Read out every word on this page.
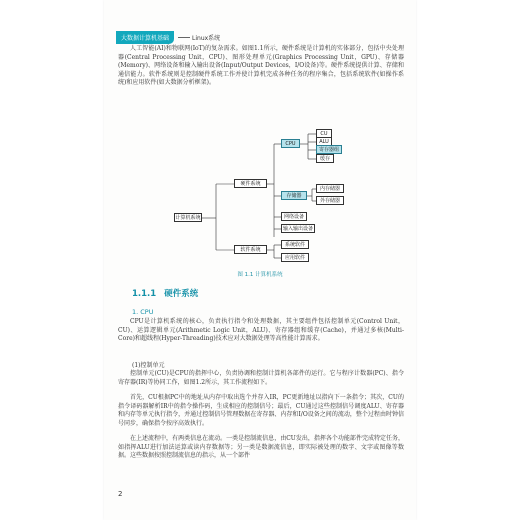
大数据计算机基础	Linux系统

人工智能(AI)和物联网(IoT)的复杂需求。如图1.1所示，硬件系统是计算机的实体部分，包括中央处理器(Central Processing Unit，CPU)、图形处理单元(Graphics Processing Unit，GPU)、存储器(Memory)、网络设备和输入输出设备(Input/Output Devices，I/O设备)等。硬件系统提供计算、存储和通信能力。软件系统则是控制硬件系统工作并使计算机完成各种任务的程序集合，包括系统软件(如操作系统)和应用软件(如大数据分析框架)。

计算机系统
硬件系统
软件系统
CPU
CU
ALU
寄存器组
缓存
存储器
内存储器
外存储器
网络设备
输入输出设备
系统软件
应用软件
图 1.1 计算机系统
1.1.1 硬件系统
1. CPU

CPU是计算机系统的核心，负责执行指令和处理数据，其主要组件包括控制单元(Control Unit，CU)、运算逻辑单元(Arithmetic Logic Unit，ALU)、寄存器组和缓存(Cache)，并通过多核(Multi-Core)和超线程(Hyper-Threading)技术应对大数据处理等高性能计算需求。

(1)控制单元

控制单元(CU)是CPU的指挥中心，负责协调和控制计算机各部件的运行。它与程序计数器(PC)、指令寄存器(IR)等协同工作，如图1.2所示，其工作流程如下。

首先，CU根据PC中的地址从内存中取出选个并存入IR，PC更新地址以指向下一条指令；其次，CU的指令译码器解析IR中的指令操作码，生成相应的控制信号；最后，CU通过这些控制信号调度ALU、寄存器和内存等单元执行指令，并通过控制信号管理数据在寄存器、内存和I/O设备之间的流动，整个过程由时钟信号同步，确保指令按序高效执行。

在上述流程中，有两类信息在流动。一类是控制流信息，由CU发出，指挥各个功能部件完成特定任务，如指挥ALU进行加法运算或读内存数据等；另一类是数据流信息，即实际被处理的数字、文字或图像等数据。这些数据按照控制流信息的指示，从一个部件

2
